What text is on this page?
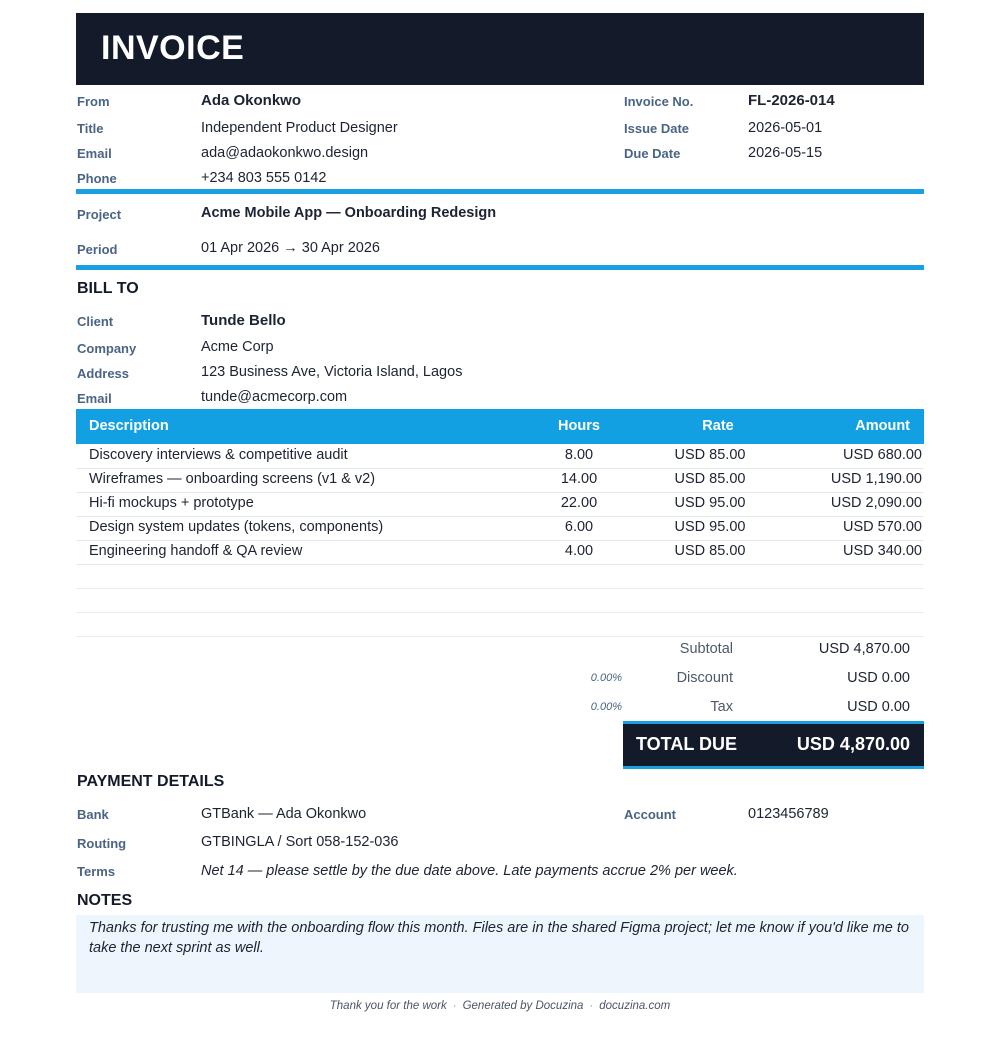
INVOICE
From	Ada Okonkwo
Title	Independent Product Designer
Email	ada@adaokonkwo.design
Phone	+234 803 555 0142
Invoice No.	FL-2026-014
Issue Date	2026-05-01
Due Date	2026-05-15
Project	Acme Mobile App — Onboarding Redesign
Period	01 Apr 2026 → 30 Apr 2026
BILL TO
Client	Tunde Bello
Company	Acme Corp
Address	123 Business Ave, Victoria Island, Lagos
Email	tunde@acmecorp.com
Description	Hours	Rate	Amount
Discovery interviews & competitive audit	8.00	USD 85.00	USD 680.00
Wireframes — onboarding screens (v1 & v2)	14.00	USD 85.00	USD 1,190.00
Hi-fi mockups + prototype	22.00	USD 95.00	USD 2,090.00
Design system updates (tokens, components)	6.00	USD 95.00	USD 570.00
Engineering handoff & QA review	4.00	USD 85.00	USD 340.00
Subtotal	USD 4,870.00
0.00%	Discount	USD 0.00
0.00%	Tax	USD 0.00
TOTAL DUE	USD 4,870.00
PAYMENT DETAILS
Bank	GTBank — Ada Okonkwo	Account	0123456789
Routing	GTBINGLA / Sort 058-152-036
Terms	Net 14 — please settle by the due date above. Late payments accrue 2% per week.
NOTES
Thanks for trusting me with the onboarding flow this month. Files are in the shared Figma project; let me know if you'd like me to take the next sprint as well.
Thank you for the work · Generated by Docuzina · docuzina.com
